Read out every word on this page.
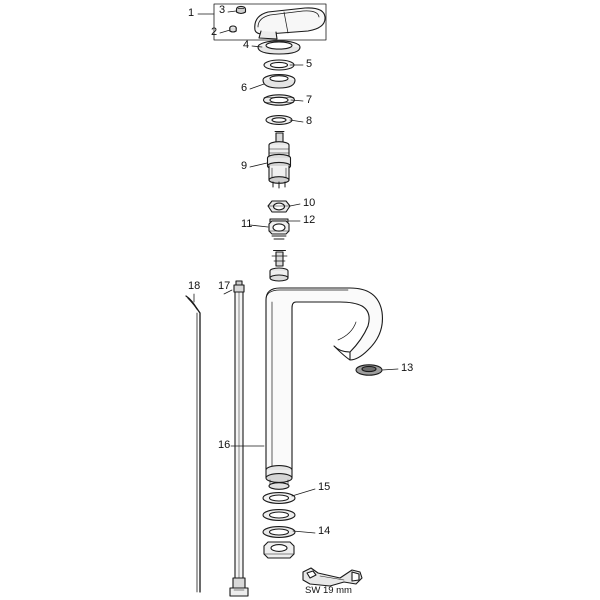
1 3
2
4
5
6
7
8
9
10
12
11
18 17
13
16
15
14
SW 19 mm
